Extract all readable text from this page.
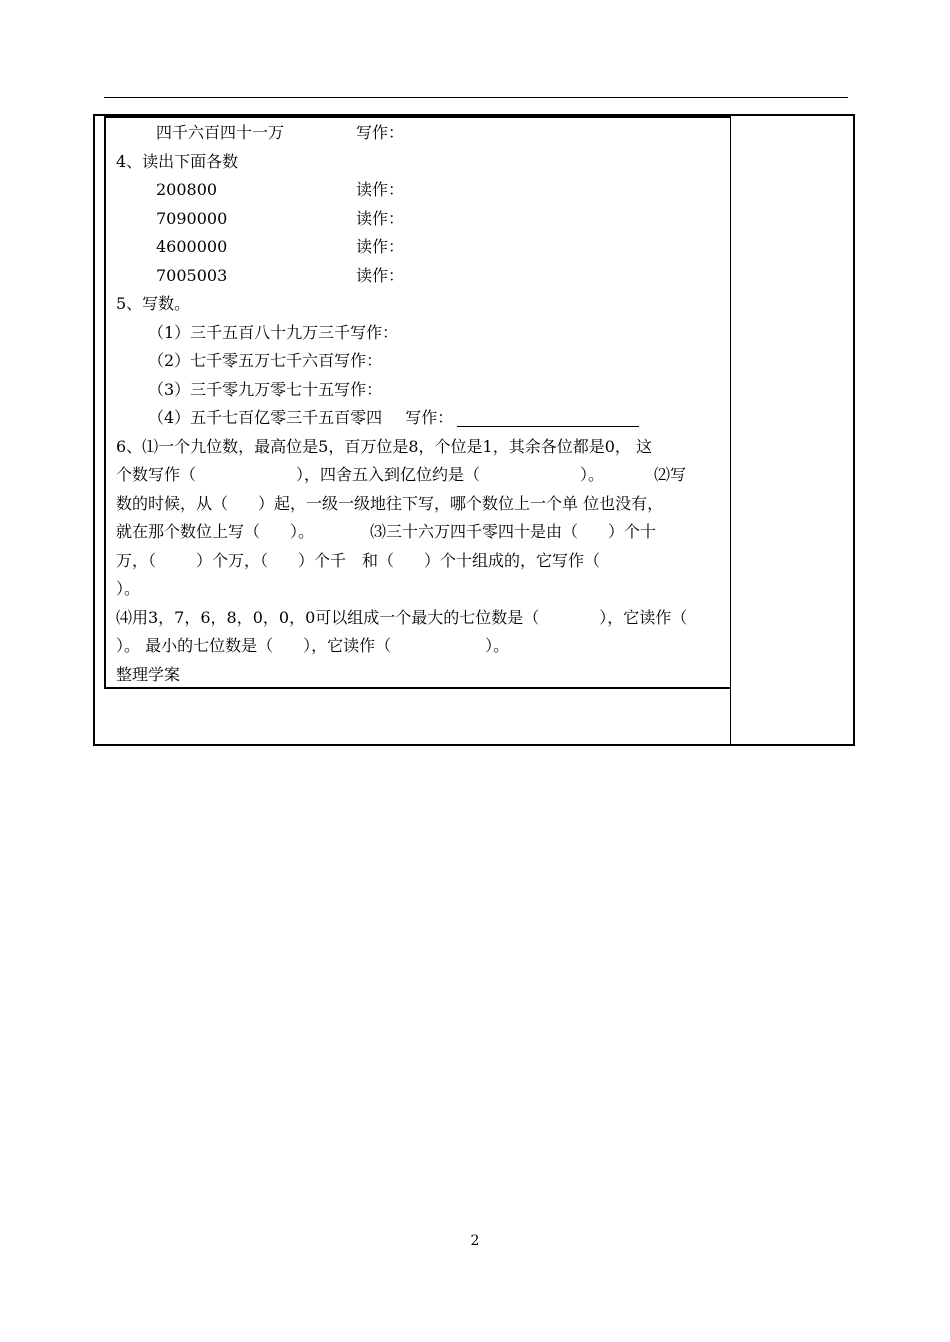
四千六百四十一万	写作：
4、读出下面各数
200800	读作：
7090000	读作：
4600000	读作：
7005003	读作：
5、写数。
（1）三千五百八十九万三千写作：
（2）七千零五万七千六百写作：
（3）三千零九万零七十五写作：
（4）五千七百亿零三千五百零四 写作：
6、⑴一个九位数，最高位是5，百万位是8，个位是1，其余各位都是0， 这
个数写作（	），四舍五入到亿位约是（	）。	⑵写
数的时候，从（ ）起，一级一级地往下写，哪个数位上一个单 位也没有，
就在那个数位上写（ ）。	⑶三十六万四千零四十是由（ ）个十
万，（	）个万，（ ）个千　和（ ）个十组成的，它写作（
）。
⑷用3，7，6，8，0，0，0可以组成一个最大的七位数是（	），它读作（
）。 最小的七位数是（ ），它读作（	）。
整理学案
2
